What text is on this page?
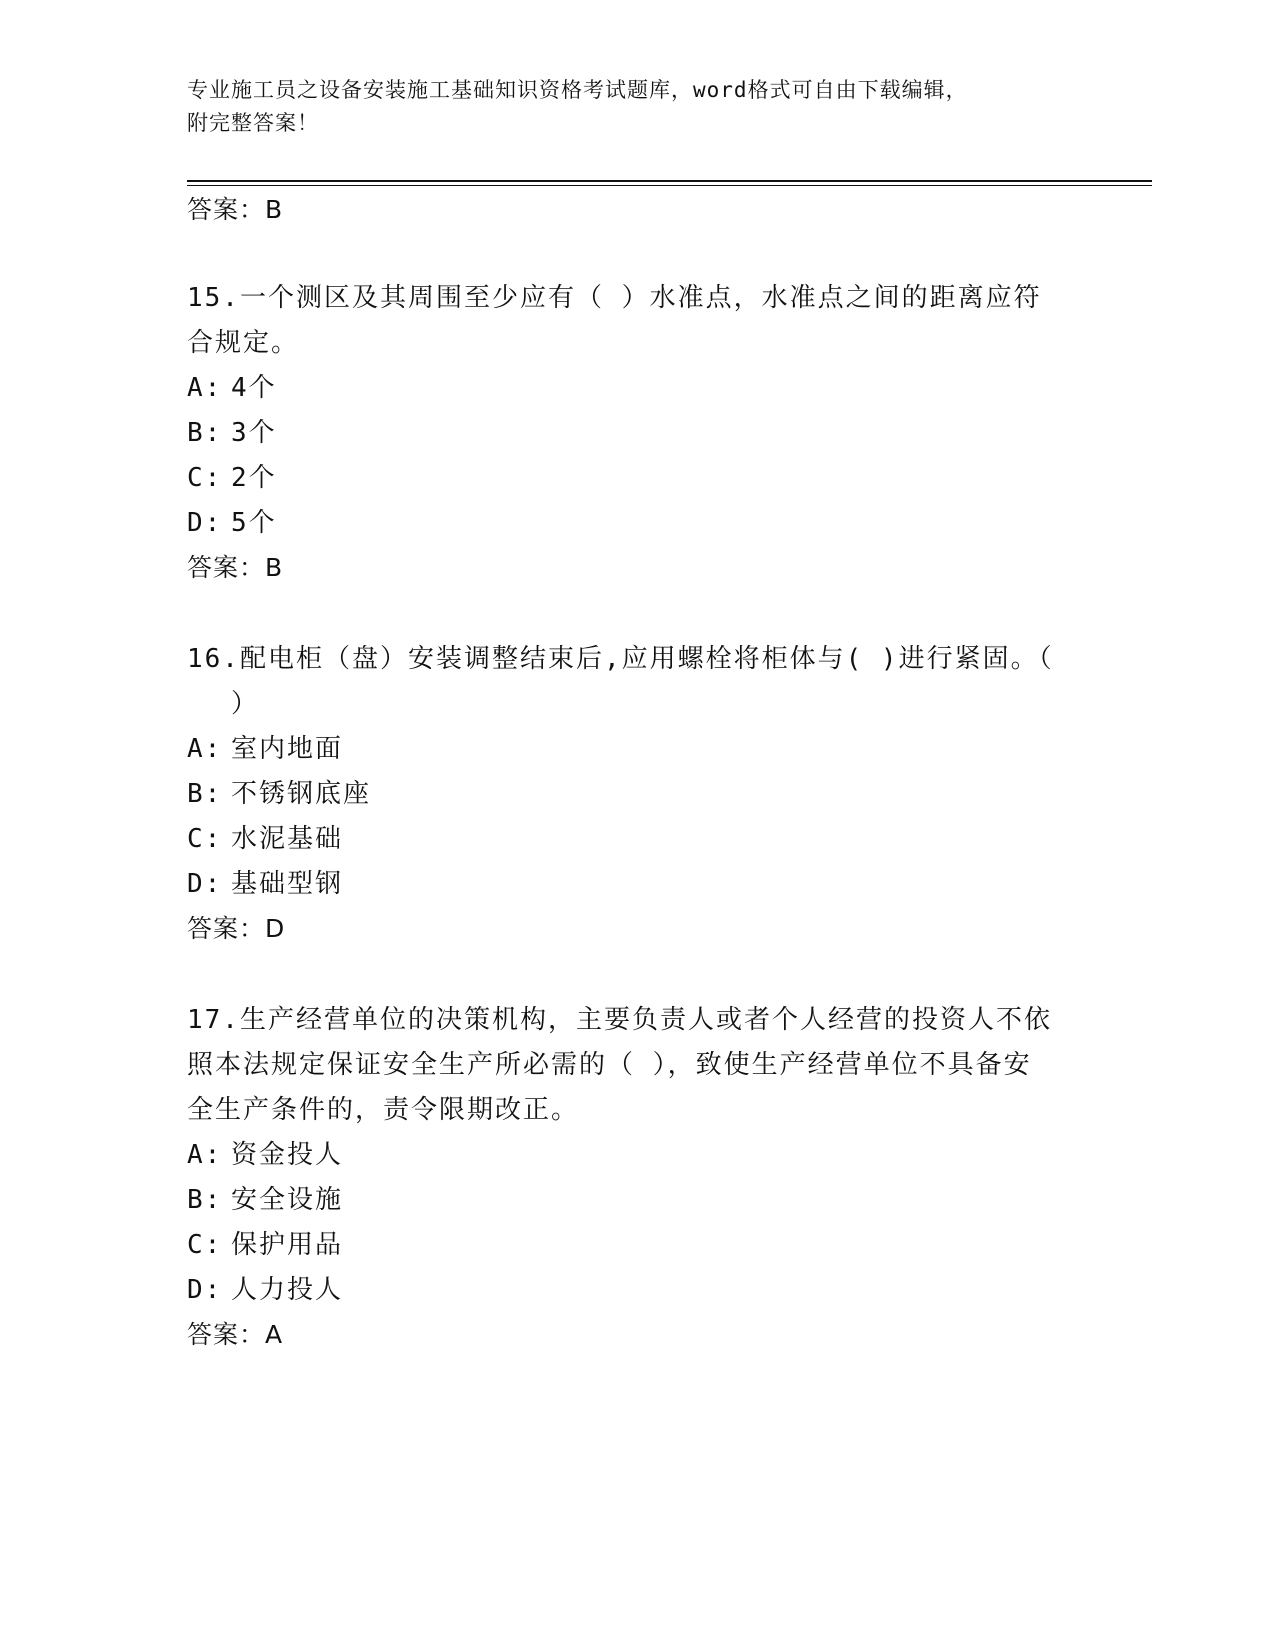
专业施工员之设备安装施工基础知识资格考试题库，word格式可自由下载编辑，
附完整答案！
答案：B
15.一个测区及其周围至少应有（ ）水准点，水准点之间的距离应符
合规定。
A: 4个
B: 3个
C: 2个
D: 5个
答案：B
16.配电柜（盘）安装调整结束后,应用螺栓将柜体与( )进行紧固。（
）
A: 室内地面
B: 不锈钢底座
C: 水泥基础
D: 基础型钢
答案：D
17.生产经营单位的决策机构，主要负责人或者个人经营的投资人不依
照本法规定保证安全生产所必需的（ ），致使生产经营单位不具备安
全生产条件的，责令限期改正。
A: 资金投人
B: 安全设施
C: 保护用品
D: 人力投人
答案：A
